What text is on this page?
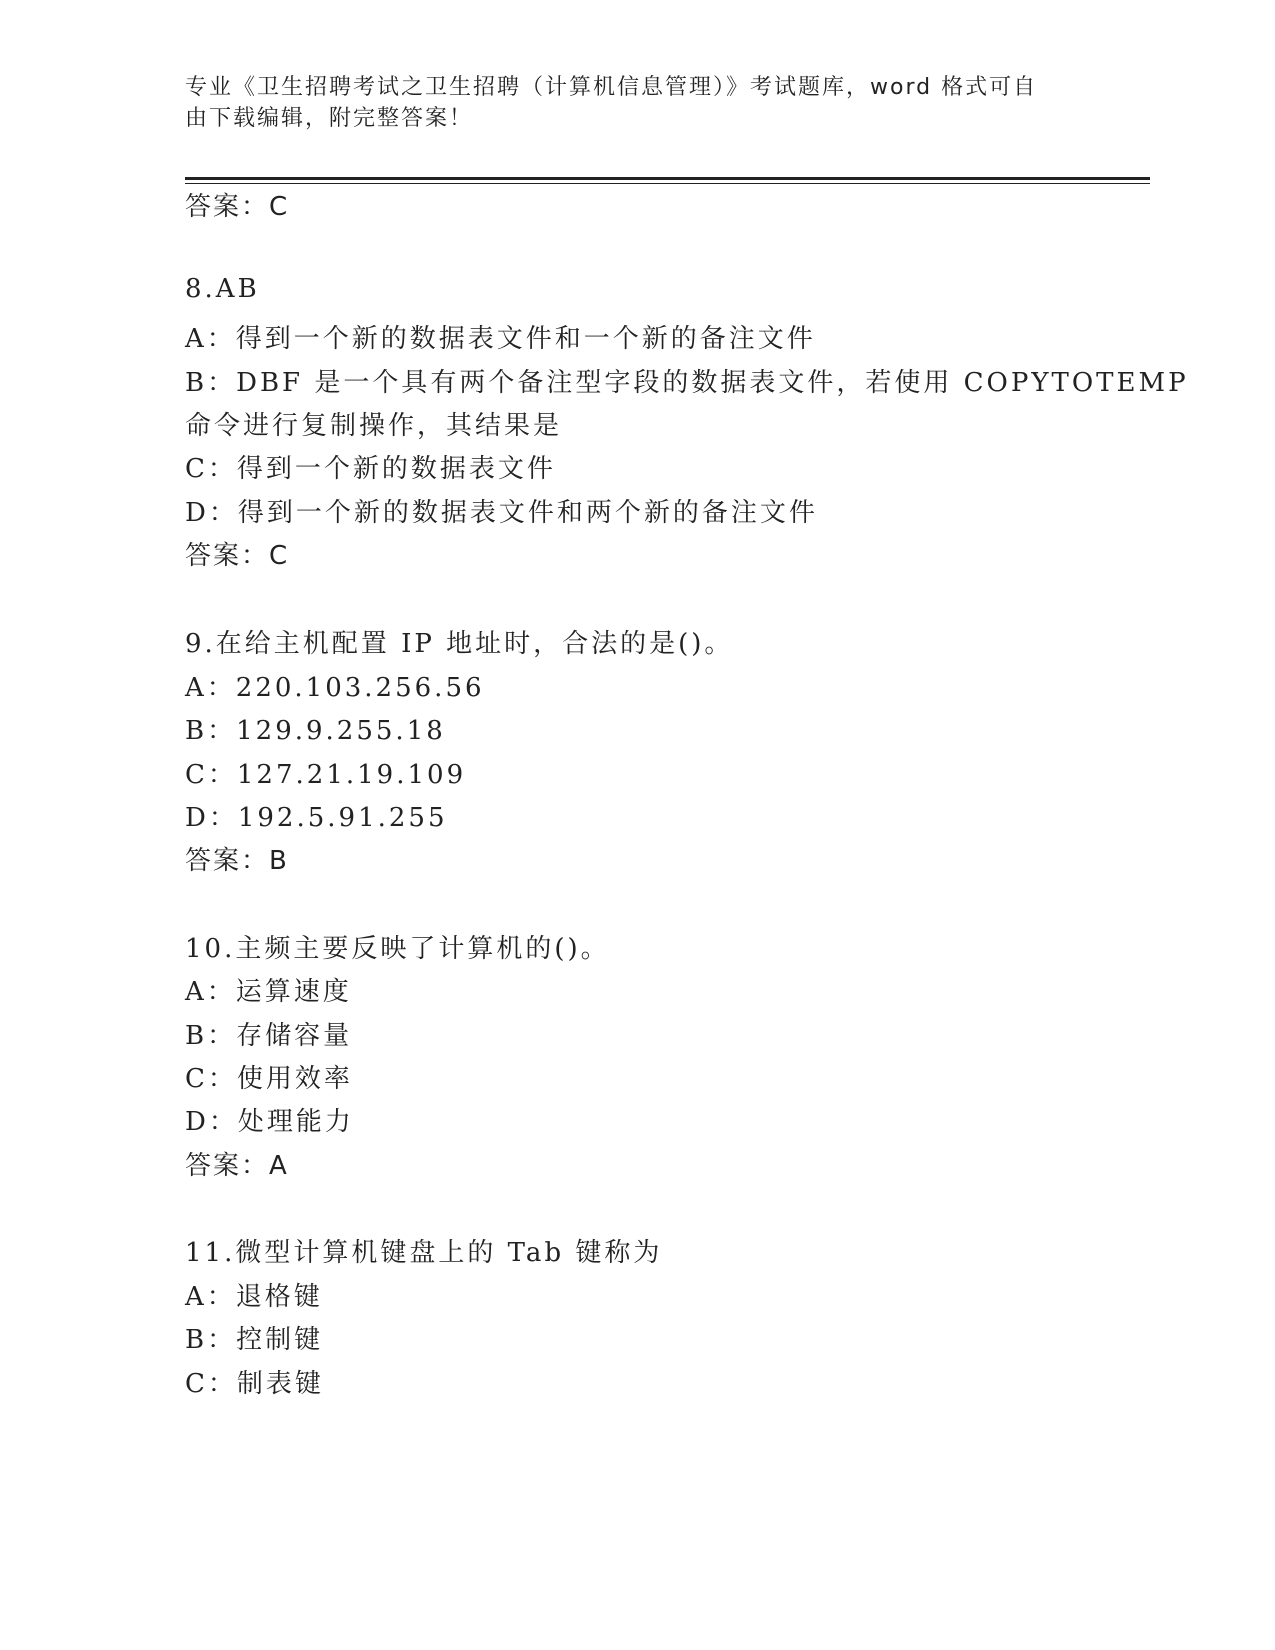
专业《卫生招聘考试之卫生招聘（计算机信息管理）》考试题库，word 格式可自
由下载编辑，附完整答案！
答案：C
8.AB
A：得到一个新的数据表文件和一个新的备注文件
B：DBF 是一个具有两个备注型字段的数据表文件，若使用 COPYTOTEMP
命令进行复制操作，其结果是
C：得到一个新的数据表文件
D：得到一个新的数据表文件和两个新的备注文件
答案：C
9.在给主机配置 IP 地址时，合法的是()。
A：220.103.256.56
B：129.9.255.18
C：127.21.19.109
D：192.5.91.255
答案：B
10.主频主要反映了计算机的()。
A：运算速度
B：存储容量
C：使用效率
D：处理能力
答案：A
11.微型计算机键盘上的 Tab 键称为
A：退格键
B：控制键
C：制表键
